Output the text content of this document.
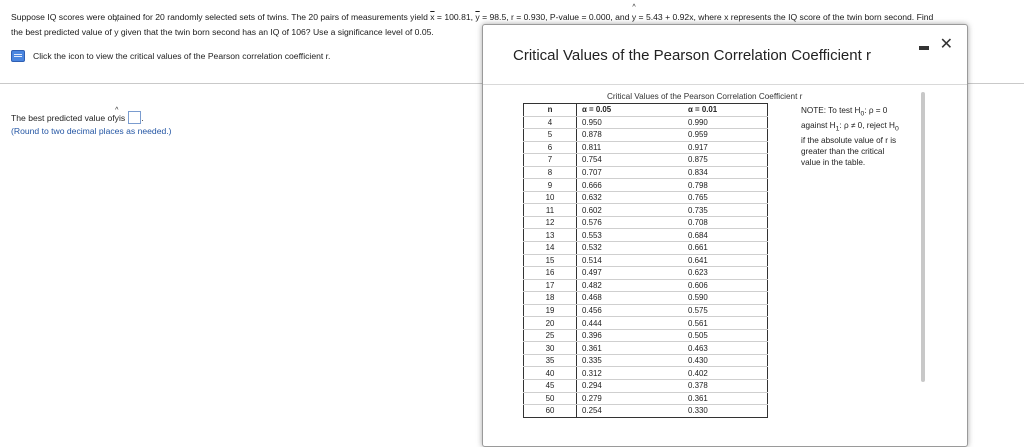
Suppose IQ scores were obtained for 20 randomly selected sets of twins. The 20 pairs of measurements yield $\overline{x} = 100.81$, $\overline{y} = 98.5$, r = 0.930, P-value = 0.000, and ^ y = 5.43 + 0.92x, where x represents the IQ score of the twin born second. Find
the best predicted value of ^ y given that the twin born second has an IQ of 106? Use a significance level of 0.05.
Click the icon to view the critical values of the Pearson correlation coefficient r.
The best predicted value of ^ y is .
(Round to two decimal places as needed.)
Critical Values of the Pearson Correlation Coefficient r
✕
Critical Values of the Pearson Correlation Coefficient r
n	α = 0.05	α = 0.01
4	0.950	0.990
5	0.878	0.959
6	0.811	0.917
7	0.754	0.875
8	0.707	0.834
9	0.666	0.798
10	0.632	0.765
11	0.602	0.735
12	0.576	0.708
13	0.553	0.684
14	0.532	0.661
15	0.514	0.641
16	0.497	0.623
17	0.482	0.606
18	0.468	0.590
19	0.456	0.575
20	0.444	0.561
25	0.396	0.505
30	0.361	0.463
35	0.335	0.430
40	0.312	0.402
45	0.294	0.378
50	0.279	0.361
60	0.254	0.330
NOTE: To test $H_0$: ρ = 0
against $H_1$: ρ ≠ 0, reject $H_0$
if the absolute value of r is
greater than the critical
value in the table.
